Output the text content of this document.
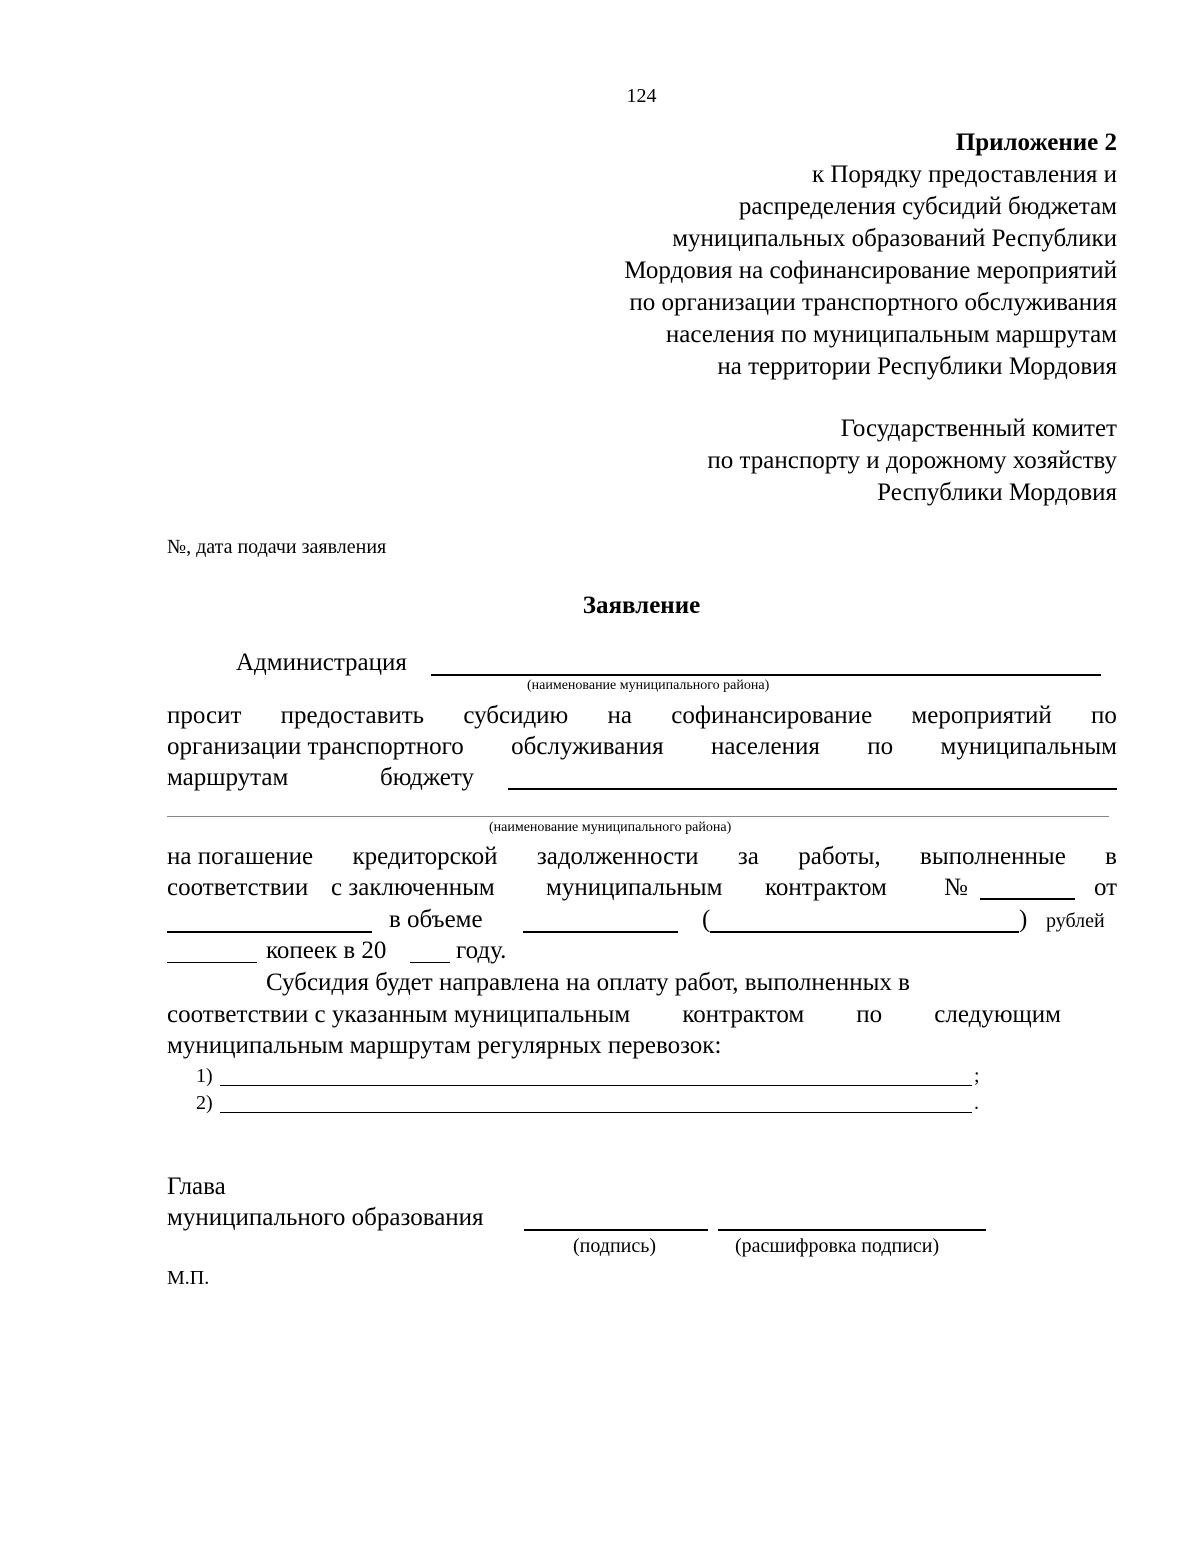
124
Приложение 2
к Порядку предоставления и
распределения субсидий бюджетам
муниципальных образований Республики
Мордовия на софинансирование мероприятий
по организации транспортного обслуживания
населения по муниципальным маршрутам
на территории Республики Мордовия
Государственный комитет
по транспорту и дорожному хозяйству
Республики Мордовия
№, дата подачи заявления
Заявление
Администрация
(наименование муниципального района)
просит предоставить субсидию на софинансирование мероприятий по
организации транспортного обслуживания населения по муниципальным
маршрутам	бюджету
(наименование муниципального района)
на погашение кредиторской задолженности за работы, выполненные в
соответствии с заключенным муниципальным контрактом №	от
в объеме	(	) рублей
копеек в 20	году.
Субсидия будет направлена на оплату работ, выполненных в
соответствии с указанным муниципальным контрактом по следующим
муниципальным маршрутам регулярных перевозок:
1)	;
2)	.
Глава
муниципального образования
(подпись)	(расшифровка подписи)
М.П.
